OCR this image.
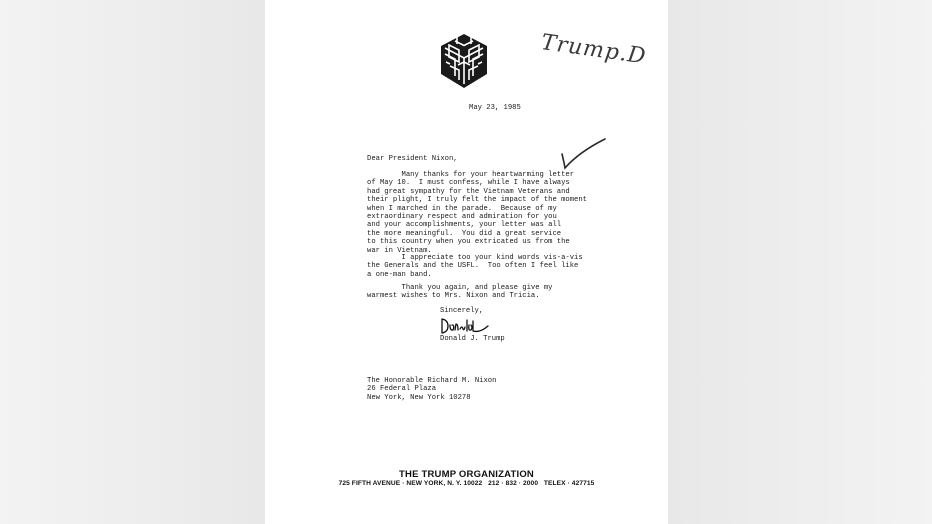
Trump.D
May 23, 1985
Dear President Nixon,
Many thanks for your heartwarming letter
of May 10.  I must confess, while I have always
had great sympathy for the Vietnam Veterans and
their plight, I truly felt the impact of the moment
when I marched in the parade.  Because of my
extraordinary respect and admiration for you
and your accomplishments, your letter was all
the more meaningful.  You did a great service
to this country when you extricated us from the
war in Vietnam.
I appreciate too your kind words vis-a-vis
the Generals and the USFL.  Too often I feel like
a one-man band.
Thank you again, and please give my
warmest wishes to Mrs. Nixon and Tricia.
Sincerely,
Donald J. Trump
The Honorable Richard M. Nixon
26 Federal Plaza
New York, New York 10278
THE TRUMP ORGANIZATION
725 FIFTH AVENUE · NEW YORK, N. Y. 10022   212 · 832 · 2000   TELEX · 427715
